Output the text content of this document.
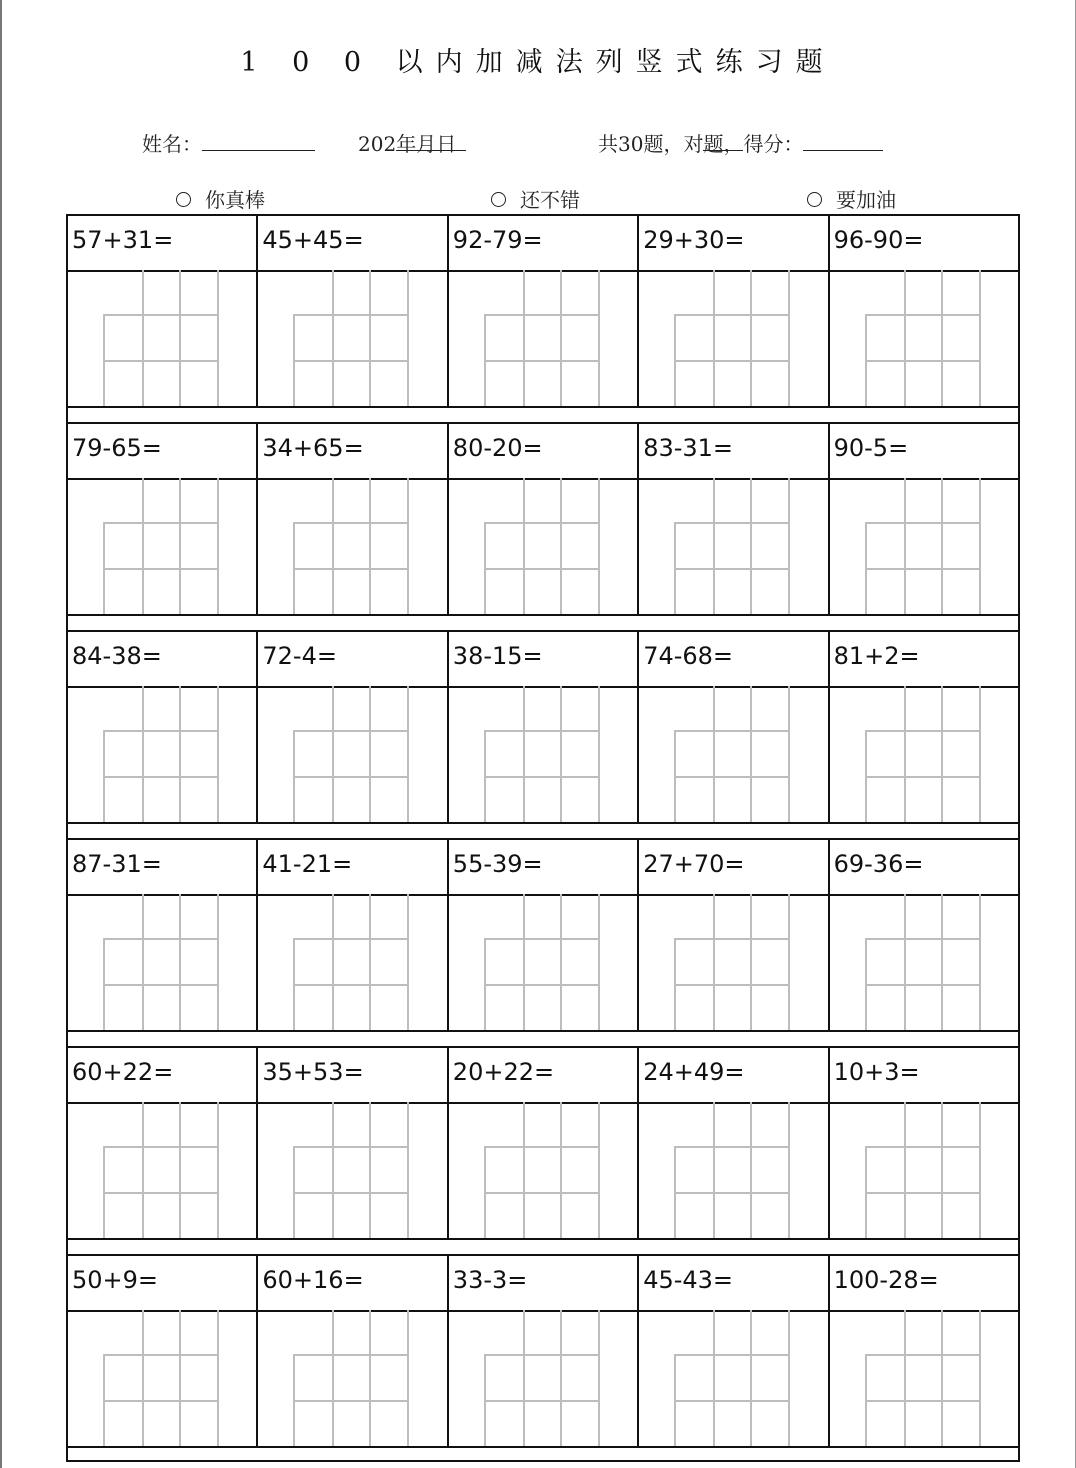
1 0 0 以内加减法列竖式练习题
姓名：	202
年
月
日	共30题，对
题，得分：
你真棒	还不错	要加油
57+31=	45+45=	92-79=	29+30=	96-90=
79-65=	34+65=	80-20=	83-31=	90-5=
84-38=	72-4=	38-15=	74-68=	81+2=
87-31=	41-21=	55-39=	27+70=	69-36=
60+22=	35+53=	20+22=	24+49=	10+3=
50+9=	60+16=	33-3=	45-43=	100-28=
